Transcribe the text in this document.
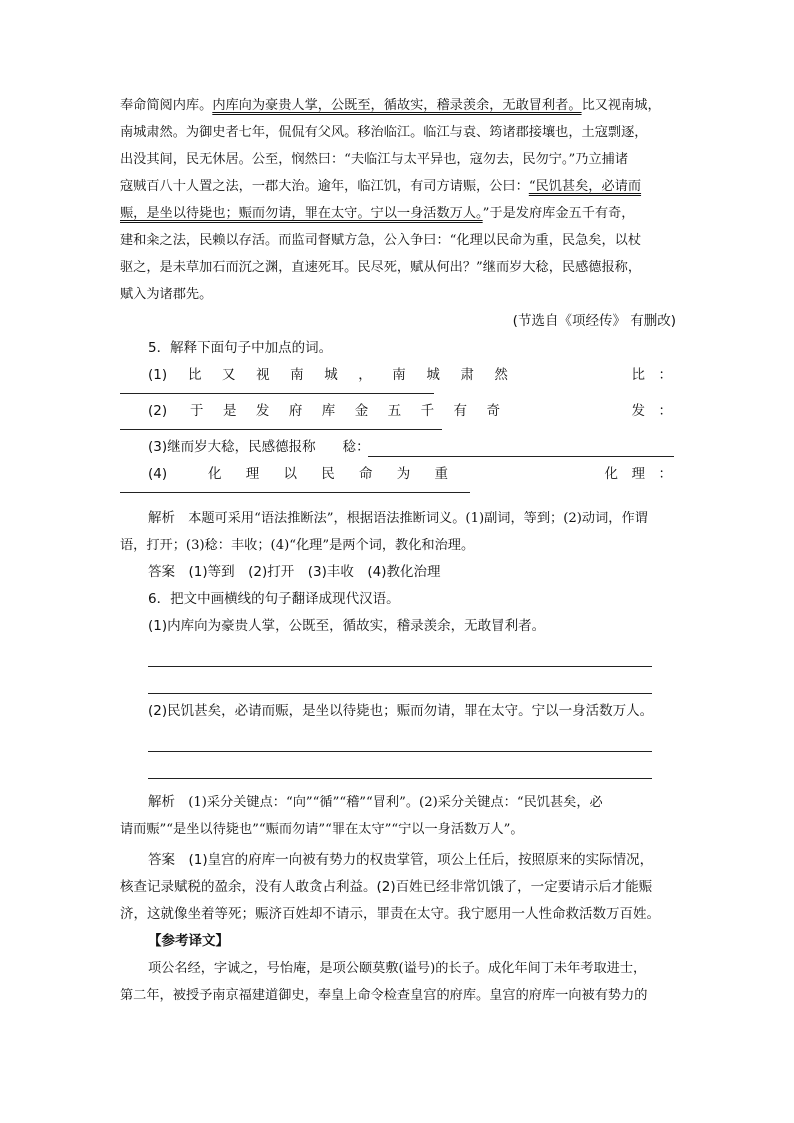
奉命简阅内库。内库向为豪贵人掌，公既至，循故实，稽录羡余，无敢冒利者。比又视南城，
南城肃然。为御史者七年，侃侃有父风。移治临江。临江与袁、筠诸郡接壤也，土寇剽逐，
出没其间，民无休居。公至，悯然曰：“夫临江与太平异也，寇勿去，民勿宁。”乃立捕诸
寇贼百八十人置之法，一郡大治。逾年，临江饥，有司方请赈，公曰：“民饥甚矣，必请而
赈，是坐以待毙也；赈而勿请，罪在太守。宁以一身活数万人。”于是发府库金五千有奇，
建和籴之法，民赖以存活。而监司督赋方急，公入争曰：“化理以民命为重，民急矣，以杖
驱之，是未草加石而沉之渊，直速死耳。民尽死，赋从何出？”继而岁大稔，民感德报称，
赋入为诸郡先。
(节选自《项经传》 有删改)
5．解释下面句子中加点的词。
(1) 比 又 视 南 城 ， 南 城 肃 然	比　：
(2) 于 是 发 府 库 金 五 千 有 奇	发　：
(3)继而岁大稔，民感德报称　　稔：
(4)	化 理 以 民 命 为 重	化　理　：
解析　 本题可采用“语法推断法”，根据语法推断词义。(1)副词，等到；(2)动词，作谓
语，打开；(3)稔：丰收；(4)“化理”是两个词，教化和治理。
答案　 (1)等到　(2)打开　(3)丰收　(4)教化治理
6．把文中画横线的句子翻译成现代汉语。
(1)内库向为豪贵人掌，公既至，循故实，稽录羡余，无敢冒利者。
(2)民饥甚矣，必请而赈，是坐以待毙也；赈而勿请，罪在太守。宁以一身活数万人。
解析　 (1)采分关键点：“向”“循”“稽”“冒利”。(2)采分关键点：“民饥甚矣，必
请而赈”“是坐以待毙也”“赈而勿请”“罪在太守”“宁以一身活数万人”。
答案　 (1)皇宫的府库一向被有势力的权贵掌管，项公上任后，按照原来的实际情况，
核查记录赋税的盈余，没有人敢贪占利益。(2)百姓已经非常饥饿了，一定要请示后才能赈
济，这就像坐着等死；赈济百姓却不请示，罪责在太守。我宁愿用一人性命救活数万百姓。
【参考译文】
项公名经，字诚之，号怡庵，是项公颐莫敷(谥号)的长子。成化年间丁未年考取进士，
第二年，被授予南京福建道御史，奉皇上命令检查皇宫的府库。皇宫的府库一向被有势力的
